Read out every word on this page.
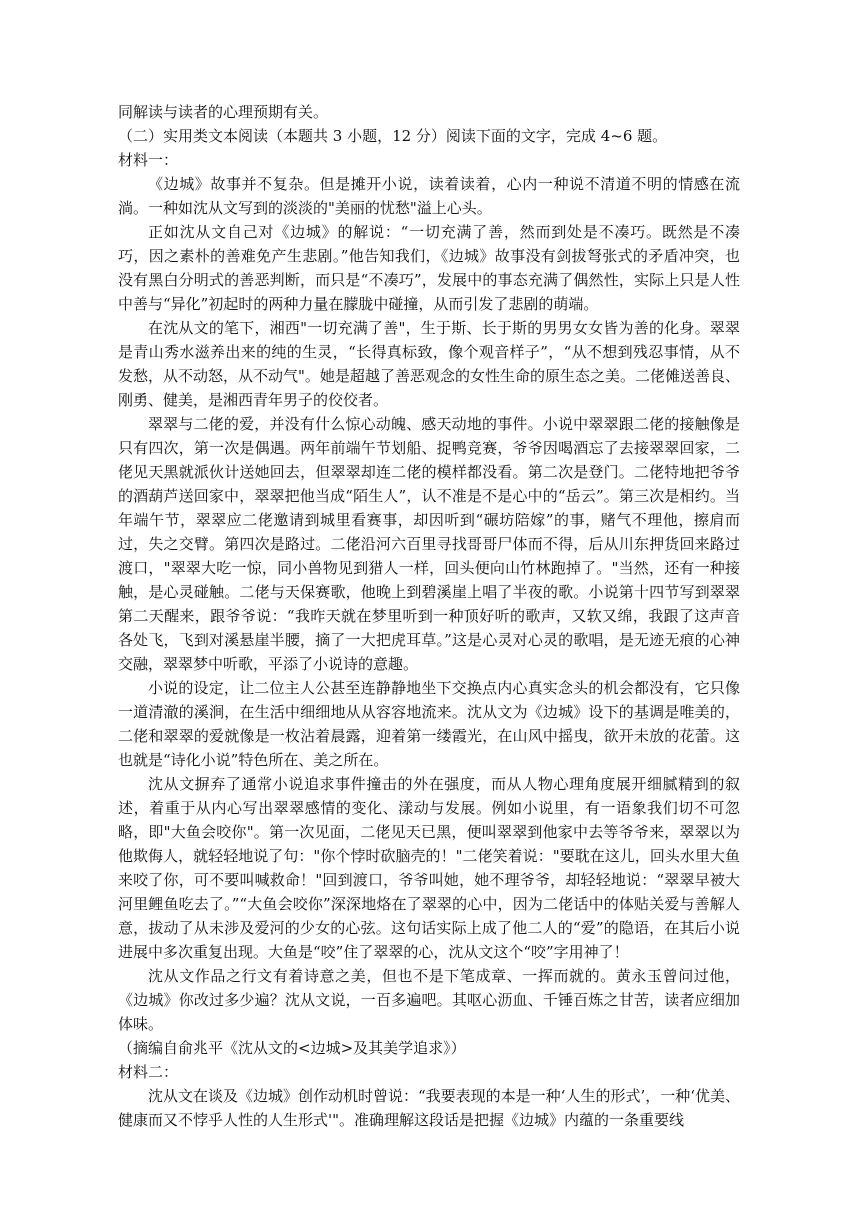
同解读与读者的心理预期有关。

（二）实用类文本阅读（本题共 3 小题，12 分）阅读下面的文字，完成 4~6 题。

材料一：

《边城》故事并不复杂。但是摊开小说，读着读着，心内一种说不清道不明的情感在流淌。一种如沈从文写到的淡淡的"美丽的忧愁"溢上心头。

正如沈从文自己对《边城》的解说：“一切充满了善，然而到处是不凑巧。既然是不凑巧，因之素朴的善难免产生悲剧。”他告知我们，《边城》故事没有剑拔弩张式的矛盾冲突，也没有黑白分明式的善恶判断，而只是“不凑巧”，发展中的事态充满了偶然性，实际上只是人性中善与“异化”初起时的两种力量在朦胧中碰撞，从而引发了悲剧的萌端。

在沈从文的笔下，湘西"一切充满了善"，生于斯、长于斯的男男女女皆为善的化身。翠翠是青山秀水滋养出来的纯的生灵，“长得真标致，像个观音样子”，“从不想到残忍事情，从不发愁，从不动怒，从不动气"。她是超越了善恶观念的女性生命的原生态之美。二佬傩送善良、刚勇、健美，是湘西青年男子的佼佼者。

翠翠与二佬的爱，并没有什么惊心动魄、感天动地的事件。小说中翠翠跟二佬的接触像是只有四次，第一次是偶遇。两年前端午节划船、捉鸭竞赛，爷爷因喝酒忘了去接翠翠回家，二佬见天黑就派伙计送她回去，但翠翠却连二佬的模样都没看。第二次是登门。二佬特地把爷爷的酒葫芦送回家中，翠翠把他当成“陌生人”，认不准是不是心中的“岳云”。第三次是相约。当年端午节，翠翠应二佬邀请到城里看赛事，却因听到“碾坊陪嫁”的事，赌气不理他，擦肩而过，失之交臂。第四次是路过。二佬沿河六百里寻找哥哥尸体而不得，后从川东押货回来路过渡口，"翠翠大吃一惊，同小兽物见到猎人一样，回头便向山竹林跑掉了。"当然，还有一种接触，是心灵碰触。二佬与天保赛歌，他晚上到碧溪崖上唱了半夜的歌。小说第十四节写到翠翠第二天醒来，跟爷爷说：“我昨天就在梦里听到一种顶好听的歌声，又软又绵，我跟了这声音各处飞，飞到对溪悬崖半腰，摘了一大把虎耳草。”这是心灵对心灵的歌唱，是无迹无痕的心神交融，翠翠梦中听歌，平添了小说诗的意趣。

小说的设定，让二位主人公甚至连静静地坐下交换点内心真实念头的机会都没有，它只像一道清澈的溪涧，在生活中细细地从从容容地流来。沈从文为《边城》设下的基调是唯美的，二佬和翠翠的爱就像是一枚沾着晨露，迎着第一缕霞光，在山风中摇曳，欲开未放的花蕾。这也就是“诗化小说”特色所在、美之所在。

沈从文摒弃了通常小说追求事件撞击的外在强度，而从人物心理角度展开细腻精到的叙述，着重于从内心写出翠翠感情的变化、漾动与发展。例如小说里，有一语象我们切不可忽略，即"大鱼会咬你"。第一次见面，二佬见天已黑，便叫翠翠到他家中去等爷爷来，翠翠以为他欺侮人，就轻轻地说了句："你个悖时砍脑壳的！"二佬笑着说："要耽在这儿，回头水里大鱼来咬了你，可不要叫喊救命！"回到渡口，爷爷叫她，她不理爷爷，却轻轻地说：“翠翠早被大河里鲤鱼吃去了。”“大鱼会咬你”深深地烙在了翠翠的心中，因为二佬话中的体贴关爱与善解人意，拔动了从未涉及爱河的少女的心弦。这句话实际上成了他二人的“爱”的隐语，在其后小说进展中多次重复出现。大鱼是“咬”住了翠翠的心，沈从文这个“咬”字用神了！

沈从文作品之行文有着诗意之美，但也不是下笔成章、一挥而就的。黄永玉曾问过他，《边城》你改过多少遍？沈从文说，一百多遍吧。其呕心沥血、千锤百炼之甘苦，读者应细加体味。

（摘编自俞兆平《沈从文的<边城>及其美学追求》）

材料二：

沈从文在谈及《边城》创作动机时曾说：“我要表现的本是一种‘人生的形式’，一种‘优美、健康而又不悖乎人性的人生形式'"。准确理解这段话是把握《边城》内蕴的一条重要线
